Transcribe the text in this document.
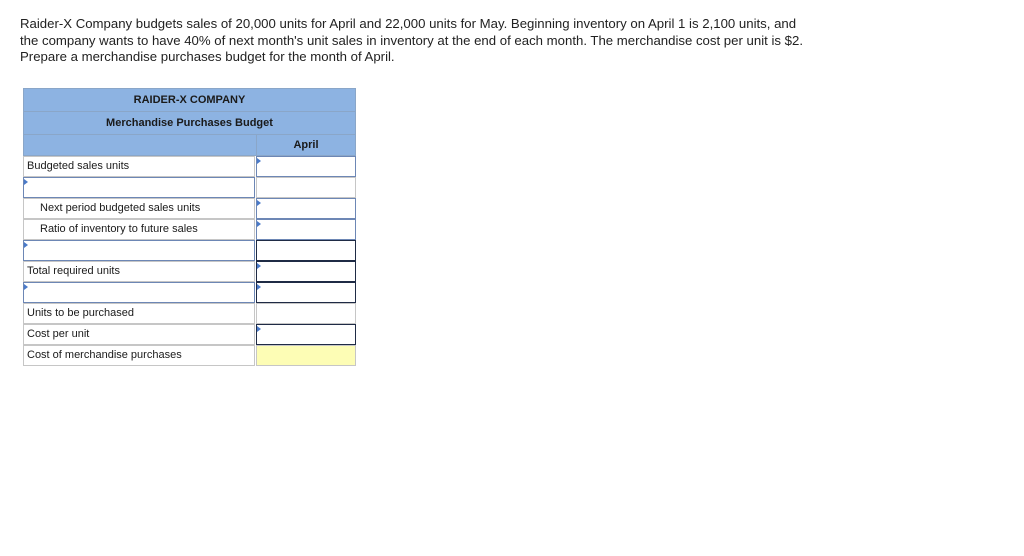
Raider-X Company budgets sales of 20,000 units for April and 22,000 units for May. Beginning inventory on April 1 is 2,100 units, and

the company wants to have 40% of next month's unit sales in inventory at the end of each month. The merchandise cost per unit is $2.

Prepare a merchandise purchases budget for the month of April.

RAIDER-X COMPANY
Merchandise Purchases Budget
April
Budgeted sales units
Next period budgeted sales units
Ratio of inventory to future sales
Total required units
Units to be purchased
Cost per unit
Cost of merchandise purchases
